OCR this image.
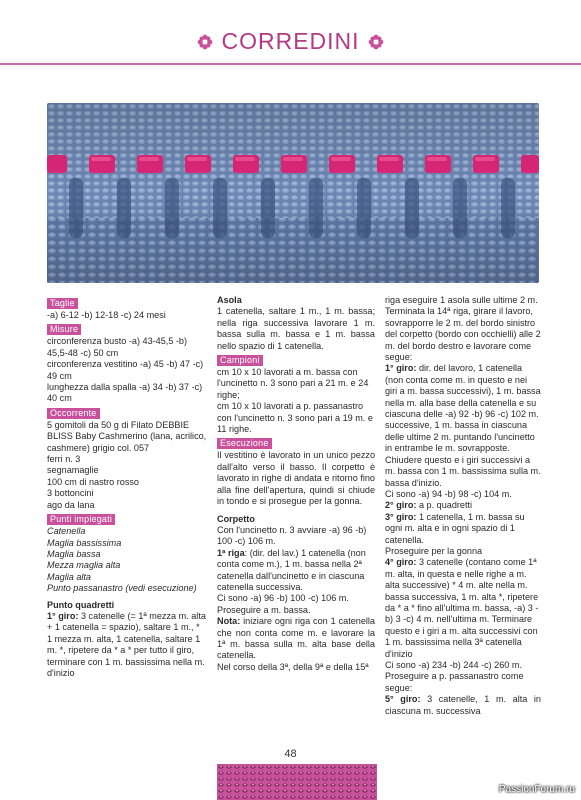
CORREDINI
Taglie

-a) 6-12 -b) 12-18 -c) 24 mesi

Misure

circonferenza busto -a) 43-45,5 -b) 45,5-48 -c) 50 cm

circonferenza vestitino -a) 45 -b) 47 -c) 49 cm

lunghezza dalla spalla -a) 34 -b) 37 -c) 40 cm

Occorrente

5 gomitoli da 50 g di Filato DEBBIE BLISS Baby Cashmerino (lana, acrilico, cashmere) grigio col. 057

ferri n. 3

segnamaglie

100 cm di nastro rosso

3 bottoncini

ago da lana

Punti impiegati

Catenella

Maglia bassissima

Maglia bassa

Mezza maglia alta

Maglia alta

Punto passanastro (vedi esecuzione)

Punto quadretti

1° giro: 3 catenelle (= 1ª mezza m. alta + 1 catenella = spazio), saltare 1 m., * 1 mezza m. alta, 1 catenella, saltare 1 m. *, ripetere da * a * per tutto il giro, terminare con 1 m. bassissima nella m. d'inizio

Asola

1 catenella, saltare 1 m., 1 m. bassa; nella riga successiva lavorare 1 m. bassa sulla m. bassa e 1 m. bassa nello spazio di 1 catenella.

Campioni

cm 10 x 10 lavorati a m. bassa con l'uncinetto n. 3 sono pari a 21 m. e 24 righe;

cm 10 x 10 lavorati a p. passanastro con l'uncinetto n. 3 sono pari a 19 m. e 11 righe.

Esecuzione

Il vestitino è lavorato in un unico pezzo dall'alto verso il basso. Il corpetto è lavorato in righe di andata e ritorno fino alla fine dell'apertura, quindi si chiude in tondo e si prosegue per la gonna.

Corpetto

Con l'uncinetto n. 3 avviare -a) 96 -b) 100 -c) 106 m.

1ª riga: (dir. del lav.) 1 catenella (non conta come m.), 1 m. bassa nella 2ª catenella dall'uncinetto e in ciascuna catenella successiva.

Ci sono -a) 96 -b) 100 -c) 106 m.

Proseguire a m. bassa.

Nota: iniziare ogni riga con 1 catenella che non conta come m. e lavorare la 1ª m. bassa sulla m. alta base della catenella.

Nel corso della 3ª, della 9ª e della 15ª

riga eseguire 1 asola sulle ultime 2 m. Terminata la 14ª riga, girare il lavoro, sovrapporre le 2 m. del bordo sinistro del corpetto (bordo con occhielli) alle 2 m. del bordo destro e lavorare come segue:

1° giro: dir. del lavoro, 1 catenella (non conta come m. in questo e nei giri a m. bassa successivi), 1 m. bassa nella m. alla base della catenella e su ciascuna delle -a) 92 -b) 96 -c) 102 m. successive, 1 m. bassa in ciascuna delle ultime 2 m. puntando l'uncinetto in entrambe le m. sovrapposte. Chiudere questo e i giri successivi a m. bassa con 1 m. bassissima sulla m. bassa d'inizio.

Ci sono -a) 94 -b) 98 -c) 104 m.

2° giro: a p. quadretti

3° giro: 1 catenella, 1 m. bassa su ogni m. alta e in ogni spazio di 1 catenella.

Proseguire per la gonna

4° giro: 3 catenelle (contano come 1ª m. alta, in questa e nelle righe a m. alta successive) * 4 m. alte nella m. bassa successiva, 1 m. alta *, ripetere da * a * fino all'ultima m. bassa, -a) 3 -b) 3 -c) 4 m. nell'ultima m. Terminare questo e i giri a m. alta successivi con 1 m. bassissima nella 3ª catenella d'inizio

Ci sono -a) 234 -b) 244 -c) 260 m.

Proseguire a p. passanastro come segue:

5° giro: 3 catenelle, 1 m. alta in ciascuna m. successiva

48
PassionForum.ru
